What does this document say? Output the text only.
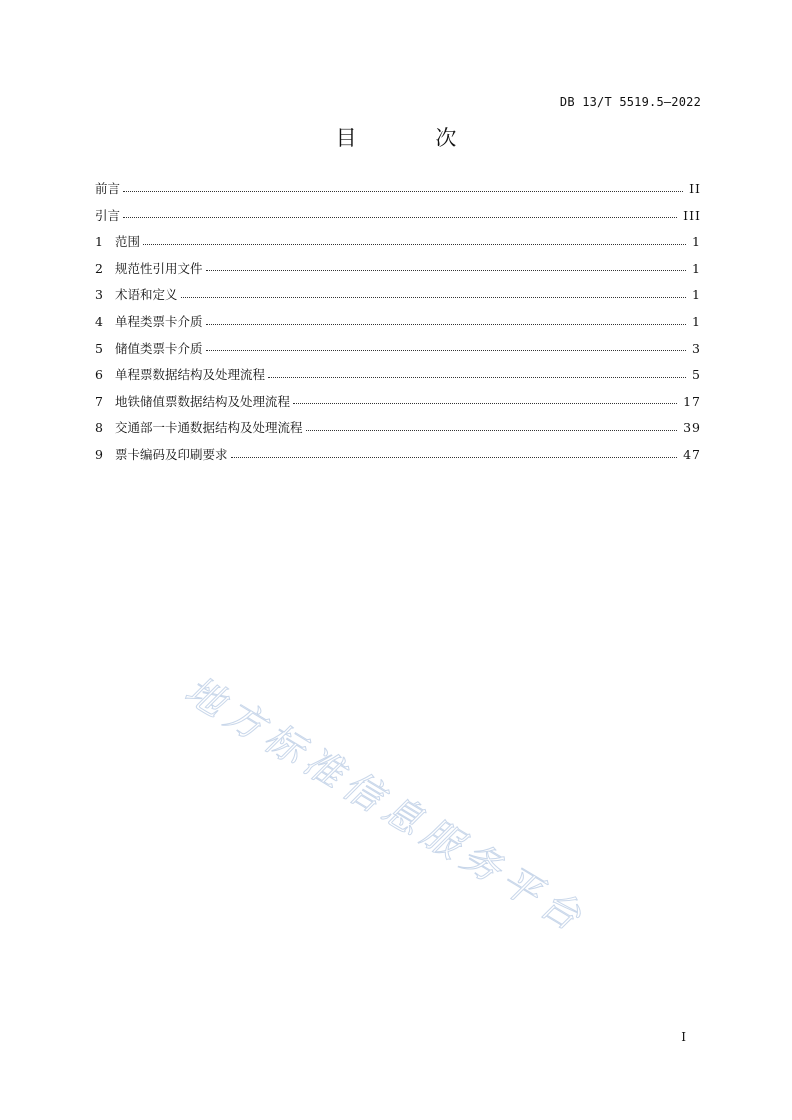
DB 13/T 5519.5—2022
目 次
前言	II
引言	III
1 范围	1
2 规范性引用文件	1
3 术语和定义	1
4 单程类票卡介质	1
5 储值类票卡介质	3
6 单程票数据结构及处理流程	5
7 地铁储值票数据结构及处理流程	17
8 交通部一卡通数据结构及处理流程	39
9 票卡编码及印刷要求	47
地方标准信息服务平台
I
